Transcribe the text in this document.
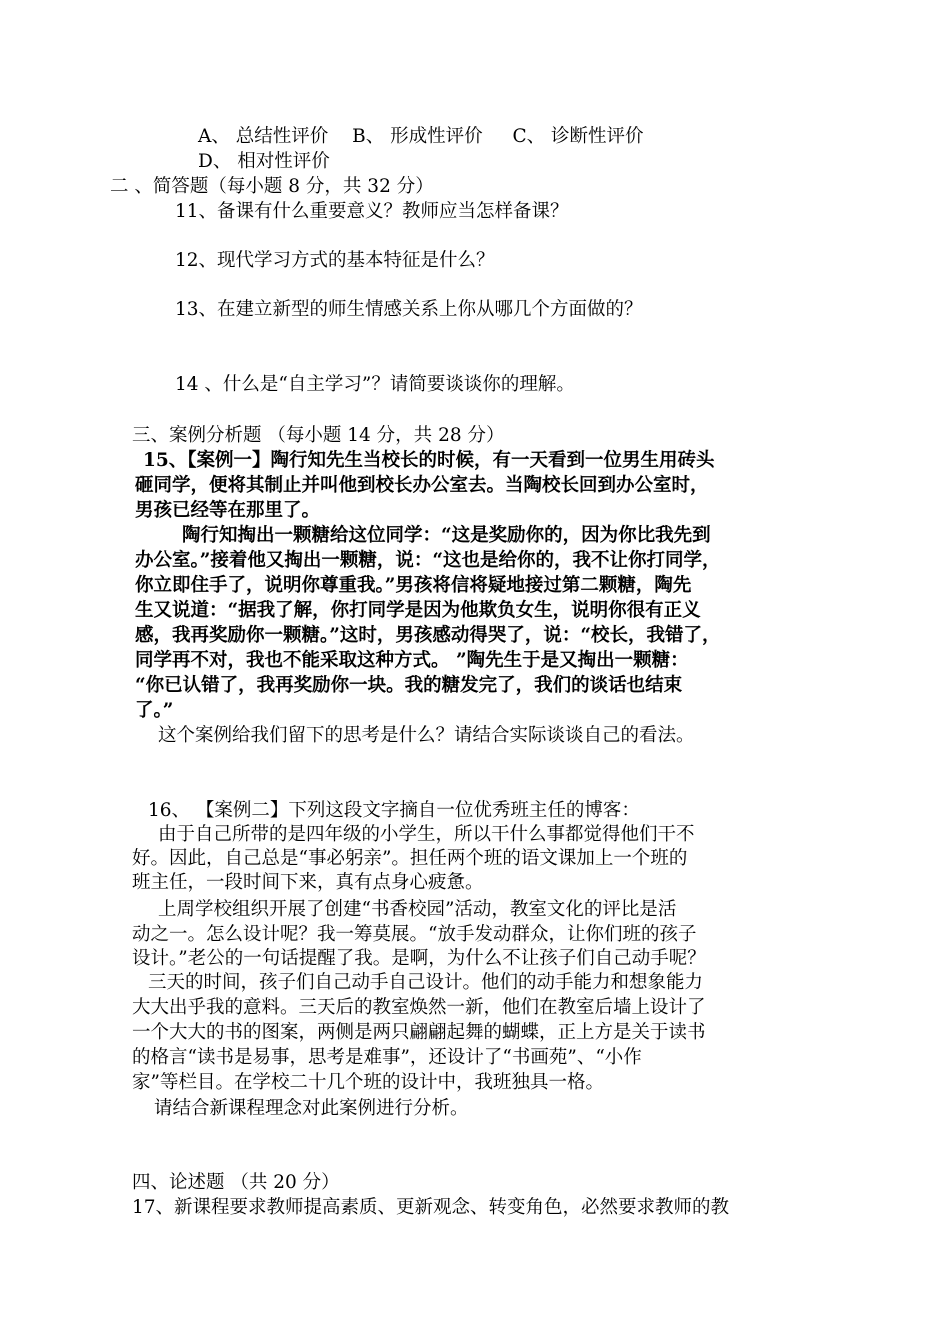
A、 总结性评价 B、 形成性评价 C、 诊断性评价
D、 相对性评价
二 、简答题（每小题 8 分，共 32 分）
11、备课有什么重要意义？教师应当怎样备课？
12、现代学习方式的基本特征是什么？
13、在建立新型的师生情感关系上你从哪几个方面做的？
14 、什么是“自主学习”？请简要谈谈你的理解。
三、案例分析题 （每小题 14 分，共 28 分）
15、【案例一】陶行知先生当校长的时候，有一天看到一位男生用砖头
砸同学，便将其制止并叫他到校长办公室去。当陶校长回到办公室时，
男孩已经等在那里了。
陶行知掏出一颗糖给这位同学：“这是奖励你的，因为你比我先到
办公室。”接着他又掏出一颗糖，说：“这也是给你的，我不让你打同学，
你立即住手了，说明你尊重我。”男孩将信将疑地接过第二颗糖，陶先
生又说道：“据我了解，你打同学是因为他欺负女生，说明你很有正义
感，我再奖励你一颗糖。”这时，男孩感动得哭了，说：“校长，我错了，
同学再不对，我也不能采取这种方式。 ”陶先生于是又掏出一颗糖：
“你已认错了，我再奖励你一块。我的糖发完了，我们的谈话也结束
了。”
这个案例给我们留下的思考是什么？请结合实际谈谈自己的看法。
16、 【案例二】下列这段文字摘自一位优秀班主任的博客：
由于自己所带的是四年级的小学生，所以干什么事都觉得他们干不
好。因此，自己总是“事必躬亲”。担任两个班的语文课加上一个班的
班主任，一段时间下来，真有点身心疲惫。
上周学校组织开展了创建“书香校园”活动，教室文化的评比是活
动之一。怎么设计呢？我一筹莫展。“放手发动群众，让你们班的孩子
设计。”老公的一句话提醒了我。是啊，为什么不让孩子们自己动手呢？
三天的时间，孩子们自己动手自己设计。他们的动手能力和想象能力
大大出乎我的意料。三天后的教室焕然一新，他们在教室后墙上设计了
一个大大的书的图案，两侧是两只翩翩起舞的蝴蝶，正上方是关于读书
的格言“读书是易事，思考是难事”，还设计了“书画苑”、“小作
家”等栏目。在学校二十几个班的设计中，我班独具一格。
请结合新课程理念对此案例进行分析。
四、论述题 （共 20 分）
17、新课程要求教师提高素质、更新观念、转变角色，必然要求教师的教
